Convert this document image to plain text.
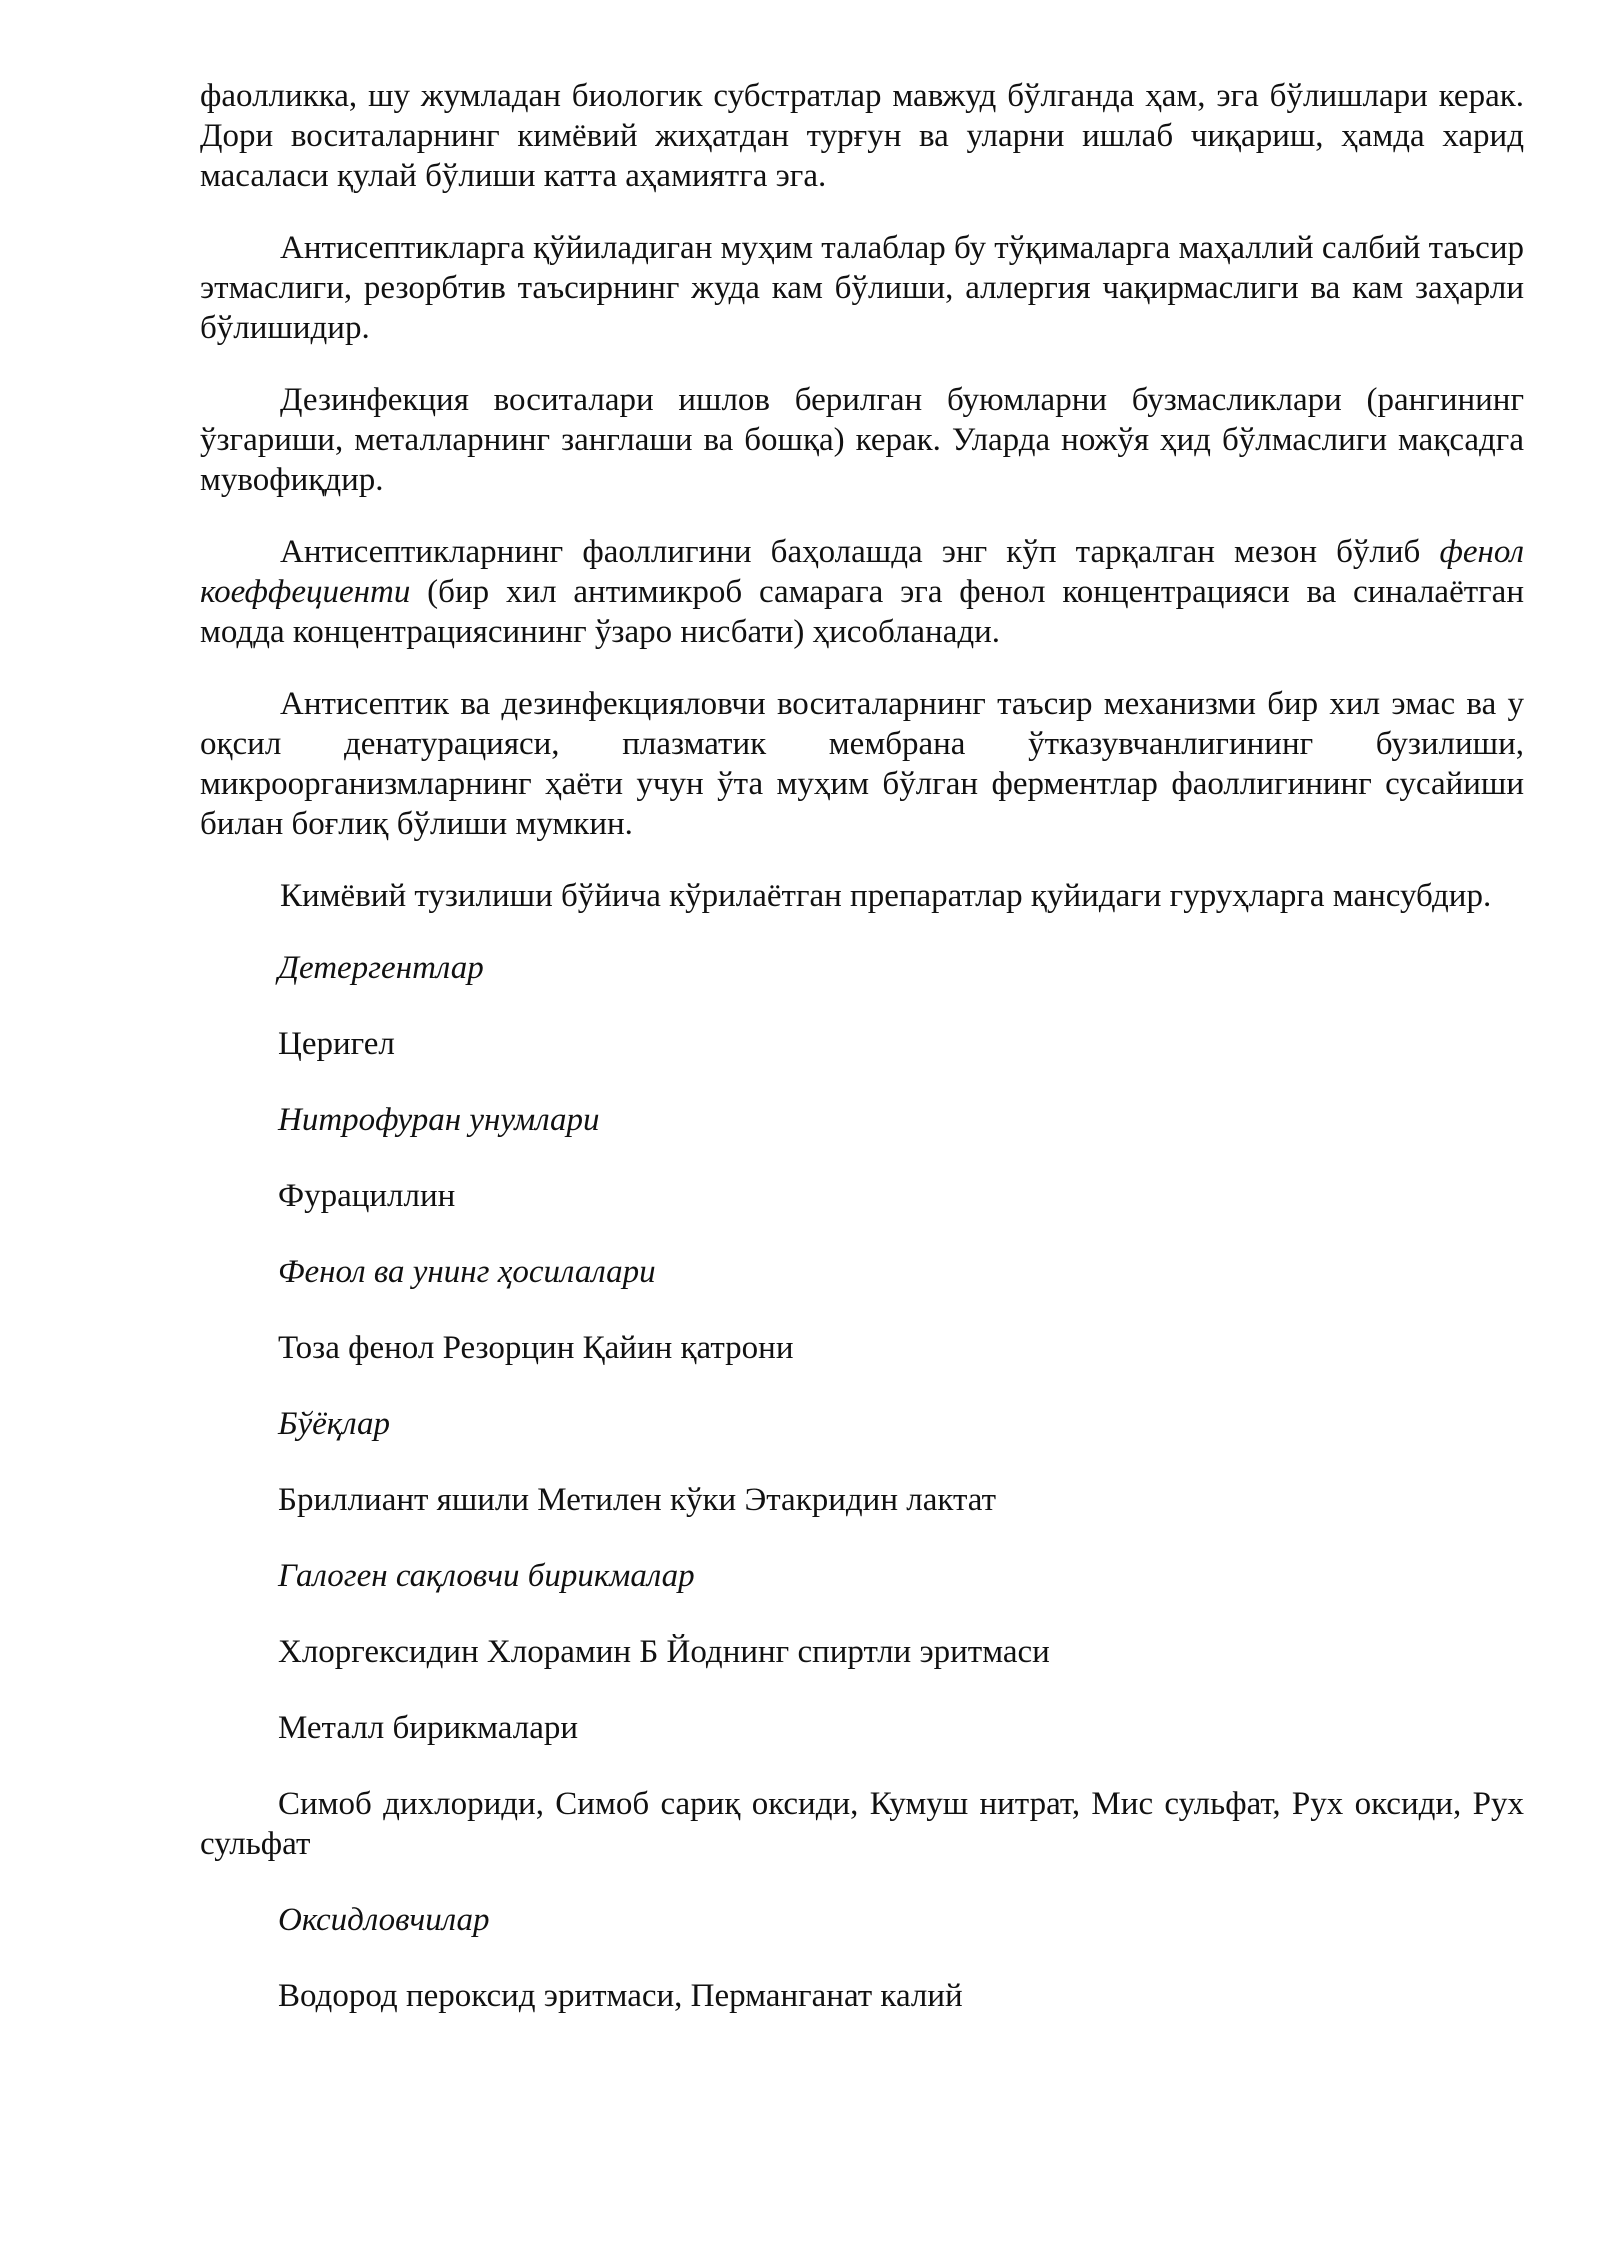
фаолликка, шу жумладан биологик субстратлар мавжуд бўлганда ҳам, эга бўлишлари керак. Дори воситаларнинг кимёвий жиҳатдан турғун ва уларни ишлаб чиқариш, ҳамда харид масаласи қулай бўлиши катта аҳамиятга эга.

Антисептикларга қўйиладиган муҳим талаблар бу тўқималарга маҳаллий салбий таъсир этмаслиги, резорбтив таъсирнинг жуда кам бўлиши, аллергия чақирмаслиги ва кам заҳарли бўлишидир.

Дезинфекция воситалари ишлов берилган буюмларни бузмасликлари (рангининг ўзгариши, металларнинг занглаши ва бошқа) керак. Уларда ножўя ҳид бўлмаслиги мақсадга мувофиқдир.

Антисептикларнинг фаоллигини баҳолашда энг кўп тарқалган мезон бўлиб фенол коеффециенти (бир хил антимикроб самарага эга фенол концентрацияси ва синалаётган модда концентрациясининг ўзаро нисбати) ҳисобланади.

Антисептик ва дезинфекцияловчи воситаларнинг таъсир механизми бир хил эмас ва у оқсил денатурацияси, плазматик мембрана ўтказувчанлигининг бузилиши, микроорганизмларнинг ҳаёти учун ўта муҳим бўлган ферментлар фаоллигининг сусайиши билан боғлиқ бўлиши мумкин.

Кимёвий тузилиши бўйича кўрилаётган препаратлар қуйидаги гуруҳларга мансубдир.

Детергентлар
Церигел
Нитрофуран унумлари
Фурациллин
Фенол ва унинг ҳосилалари
Тоза фенол Резорцин Қайин қатрони
Бўёқлар
Бриллиант яшили Метилен кўки Этакридин лактат
Галоген сақловчи бирикмалар
Хлоргексидин Хлорамин Б Йоднинг спиртли эритмаси
Металл бирикмалари
Симоб дихлориди, Симоб сариқ оксиди, Кумуш нитрат, Мис сульфат, Рух оксиди, Рух сульфат
Оксидловчилар
Водород пероксид эритмаси, Перманганат калий
